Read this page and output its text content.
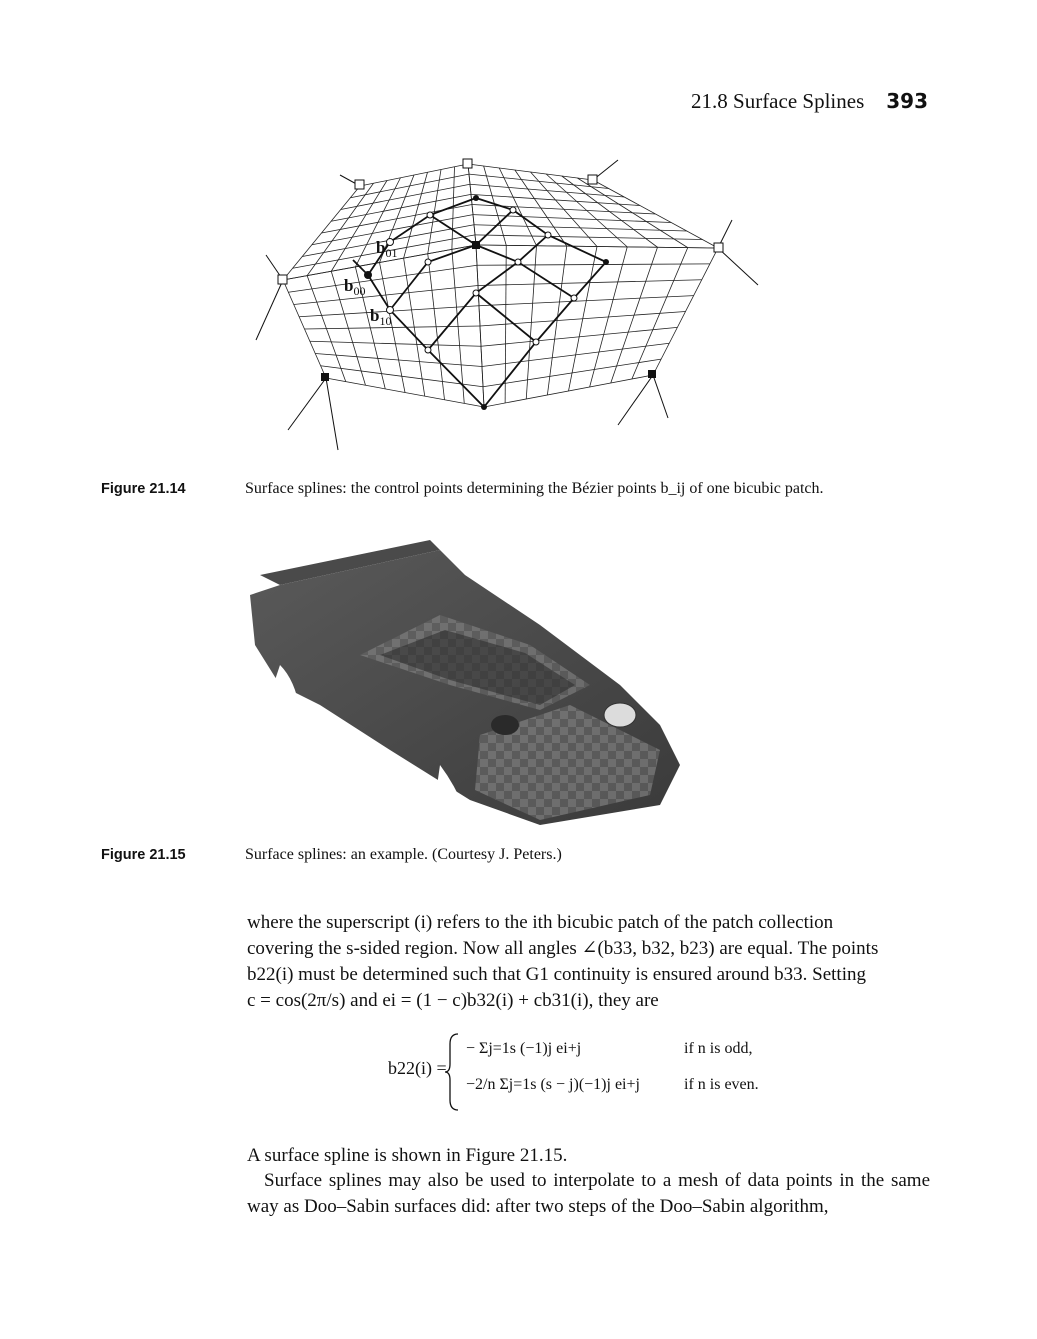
21.8 Surface Splines 393
$b_{00}$
$b_{01}$
$b_{10}$
Figure 21.14	Surface splines: the control points determining the Bézier points b_ij of one bicubic patch.
Figure 21.15	Surface splines: an example. (Courtesy J. Peters.)
where the superscript (i) refers to the ith bicubic patch of the patch collection
covering the s-sided region. Now all angles ∠(b33, b32, b23) are equal. The points
b22(i) must be determined such that G1 continuity is ensured around b33. Setting
c = cos(2π/s) and ei = (1 − c)b32(i) + cb31(i), they are
b22(i) =
− Σj=1s (−1)j ei+j	if n is odd,
−2/n Σj=1s (s − j)(−1)j ei+j	if n is even.
A surface spline is shown in Figure 21.15.
Surface splines may also be used to interpolate to a mesh of data points in the same way as Doo–Sabin surfaces did: after two steps of the Doo–Sabin algorithm,
